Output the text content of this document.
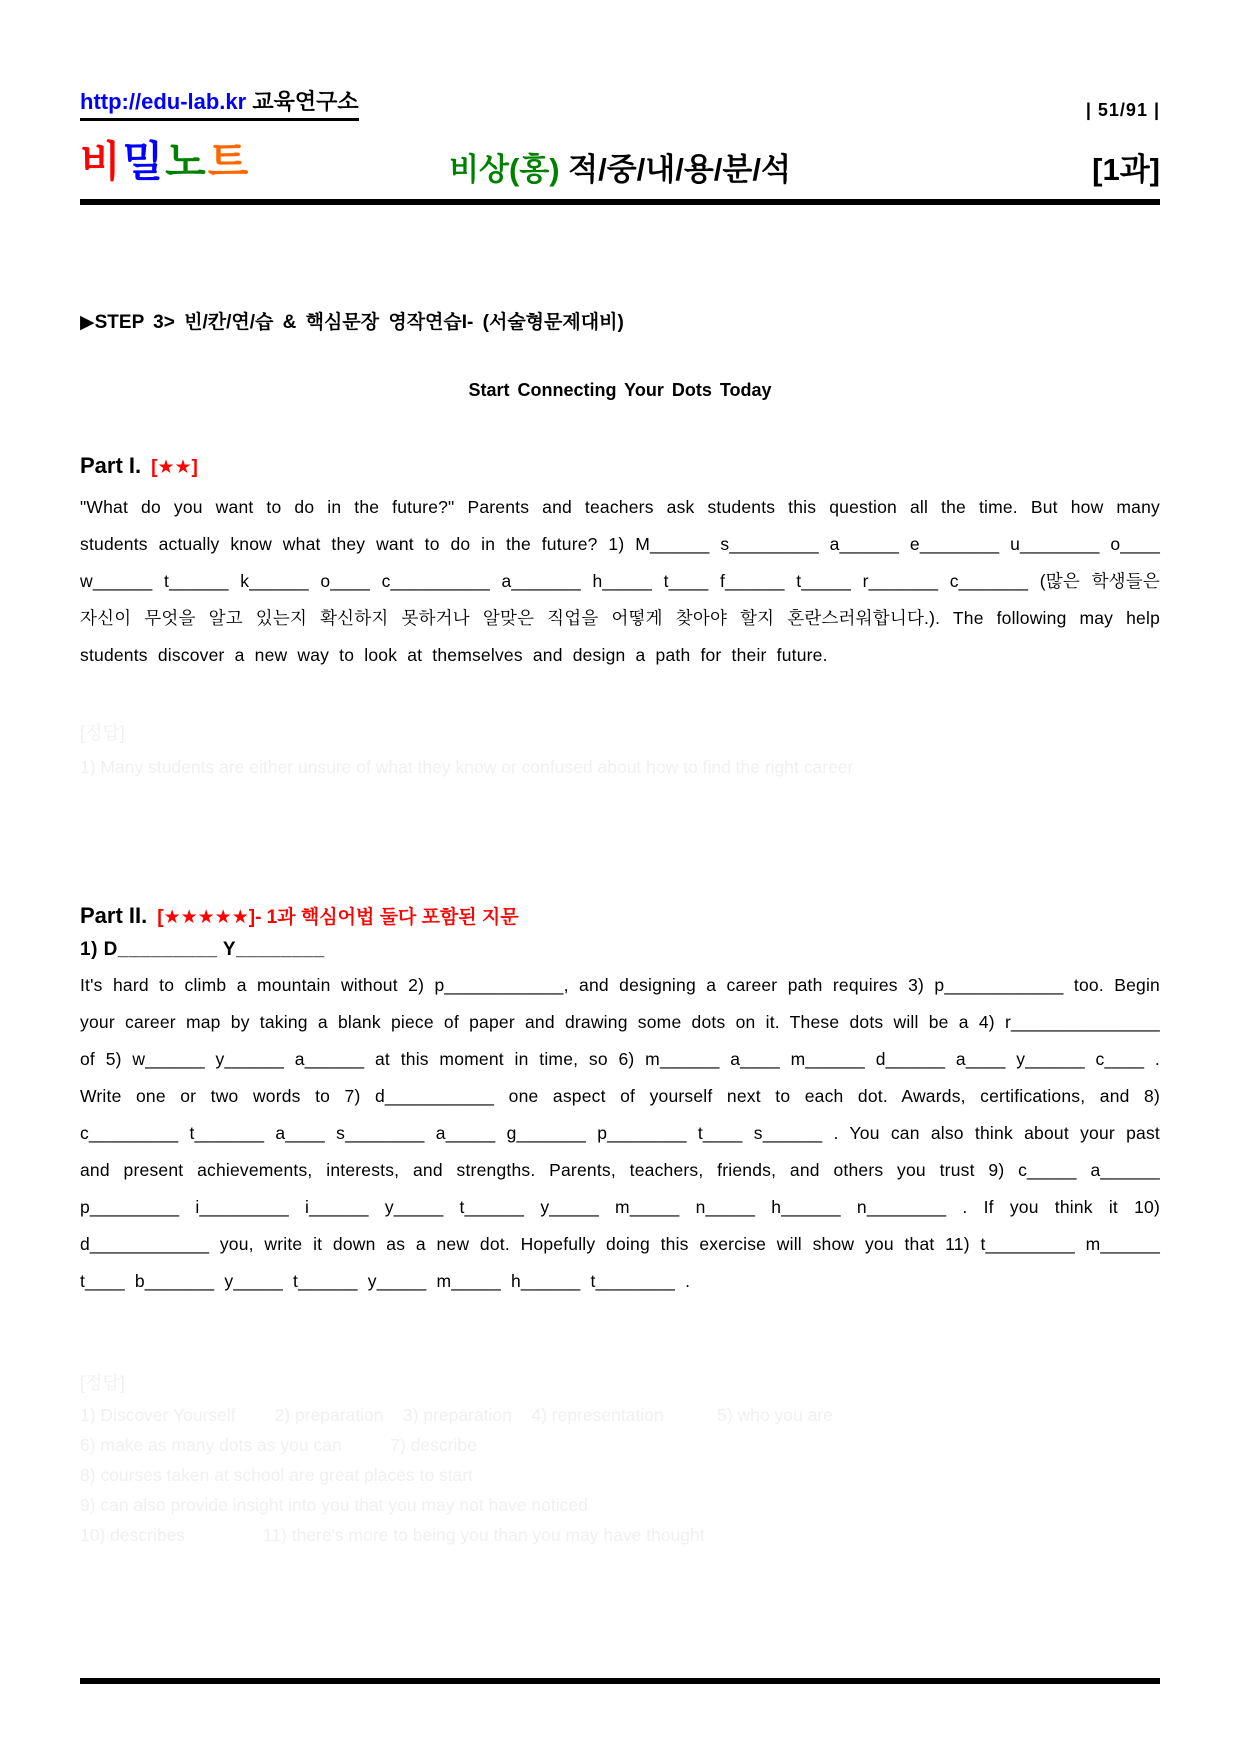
http://edu-lab.kr 교육연구소	| 51/91 |
비밀노트	비상(홍) 적/중/내/용/분/석	[1과]
▶STEP 3> 빈/칸/연/습 & 핵심문장 영작연습I- (서술형문제대비)
Start Connecting Your Dots Today
Part I. [★★]
"What do you want to do in the future?" Parents and teachers ask students this question all the time. But how many students actually know what they want to do in the future? 1) M______ s_________ a______ e________ u________ o____ w______ t______ k______ o____ c__________ a_______ h_____ t____ f______ t_____ r_______ c_______ (많은 학생들은 자신이 무엇을 알고 있는지 확신하지 못하거나 알맞은 직업을 어떻게 찾아야 할지 혼란스러워합니다.). The following may help students discover a new way to look at themselves and design a path for their future.
[정답]
1) Many students are either unsure of what they know or confused about how to find the right career
Part II. [★★★★★]- 1과 핵심어법 둘다 포함된 지문
1) D_________ Y________
It's hard to climb a mountain without 2) p____________, and designing a career path requires 3) p____________ too. Begin your career map by taking a blank piece of paper and drawing some dots on it. These dots will be a 4) r_______________ of 5) w______ y______ a______ at this moment in time, so 6) m______ a____ m______ d______ a____ y______ c____ . Write one or two words to 7) d___________ one aspect of yourself next to each dot. Awards, certifications, and 8) c_________ t_______ a____ s________ a_____ g_______ p________ t____ s______ . You can also think about your past and present achievements, interests, and strengths. Parents, teachers, friends, and others you trust 9) c_____ a______ p_________ i_________ i______ y_____ t______ y_____ m_____ n_____ h______ n________ . If you think it 10) d____________ you, write it down as a new dot. Hopefully doing this exercise will show you that 11) t_________ m______ t____ b_______ y_____ t______ y_____ m_____ h______ t________ .
[정답]
1) Discover Yourself        2) preparation    3) preparation    4) representation           5) who you are
6) make as many dots as you can          7) describe
8) courses taken at school are great places to start
9) can also provide insight into you that you may not have noticed
10) describes                11) there's more to being you than you may have thought
